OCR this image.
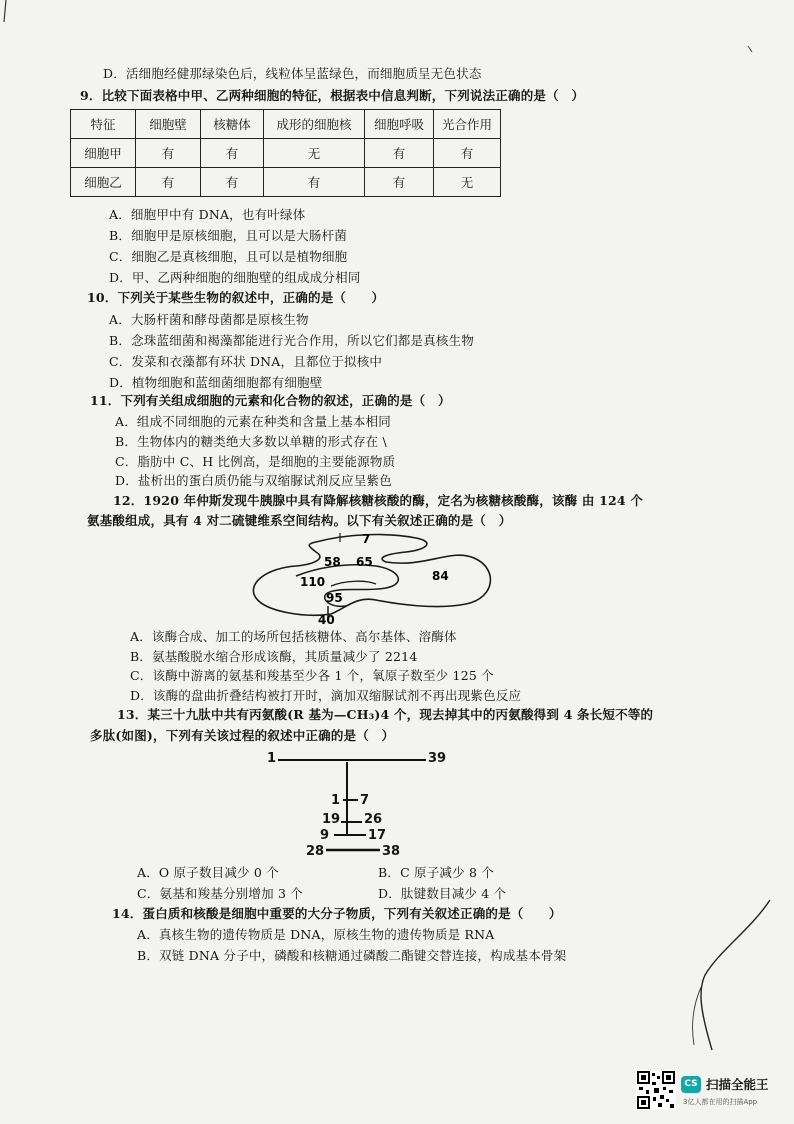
D．活细胞经健那绿染色后，线粒体呈蓝绿色，而细胞质呈无色状态
9．比较下面表格中甲、乙两种细胞的特征，根据表中信息判断，下列说法正确的是（　）
特征	细胞壁	核糖体	成形的细胞核	细胞呼吸	光合作用
细胞甲	有	有	无	有	有
细胞乙	有	有	有	有	无
A．细胞甲中有 DNA，也有叶绿体
B．细胞甲是原核细胞，且可以是大肠杆菌
C．细胞乙是真核细胞，且可以是植物细胞
D．甲、乙两种细胞的细胞壁的组成成分相同
10．下列关于某些生物的叙述中，正确的是（　　）
A．大肠杆菌和酵母菌都是原核生物
B．念珠蓝细菌和褐藻都能进行光合作用，所以它们都是真核生物
C．发菜和衣藻都有环状 DNA，且都位于拟核中
D．植物细胞和蓝细菌细胞都有细胞壁
11．下列有关组成细胞的元素和化合物的叙述，正确的是（　）
A．组成不同细胞的元素在种类和含量上基本相同
B．生物体内的糖类绝大多数以单糖的形式存在 \
C．脂肪中 C、H 比例高，是细胞的主要能源物质
D．盐析出的蛋白质仍能与双缩脲试剂反应呈紫色
12．1920 年仲斯发现牛胰腺中具有降解核糖核酸的酶，定名为核糖核酸酶，该酶 由 124 个
氨基酸组成，具有 4 对二硫键维系空间结构。以下有关叙述正确的是（　）
7
58 65
110	84
95
40
A．该酶合成、加工的场所包括核糖体、高尔基体、溶酶体
B．氨基酸脱水缩合形成该酶，其质量减少了 2214
C．该酶中游离的氨基和羧基至少各 1 个，氧原子数至少 125 个
D．该酶的盘曲折叠结构被打开时，滴加双缩脲试剂不再出现紫色反应
13．某三十九肽中共有丙氨酸(R 基为—CH₃)4 个，现去掉其中的丙氨酸得到 4 条长短不等的
多肽(如图)，下列有关该过程的叙述中正确的是（　）
1	39
1 7
19 26
9	17
28	38
A．O 原子数目减少 0 个	B．C 原子减少 8 个
C．氨基和羧基分别增加 3 个	D．肽键数目减少 4 个
14．蛋白质和核酸是细胞中重要的大分子物质，下列有关叙述正确的是（　　）
A．真核生物的遗传物质是 DNA，原核生物的遗传物质是 RNA
B．双链 DNA 分子中，磷酸和核糖通过磷酸二酯键交替连接，构成基本骨架
CS 扫描全能王
3亿人都在用的扫描App
